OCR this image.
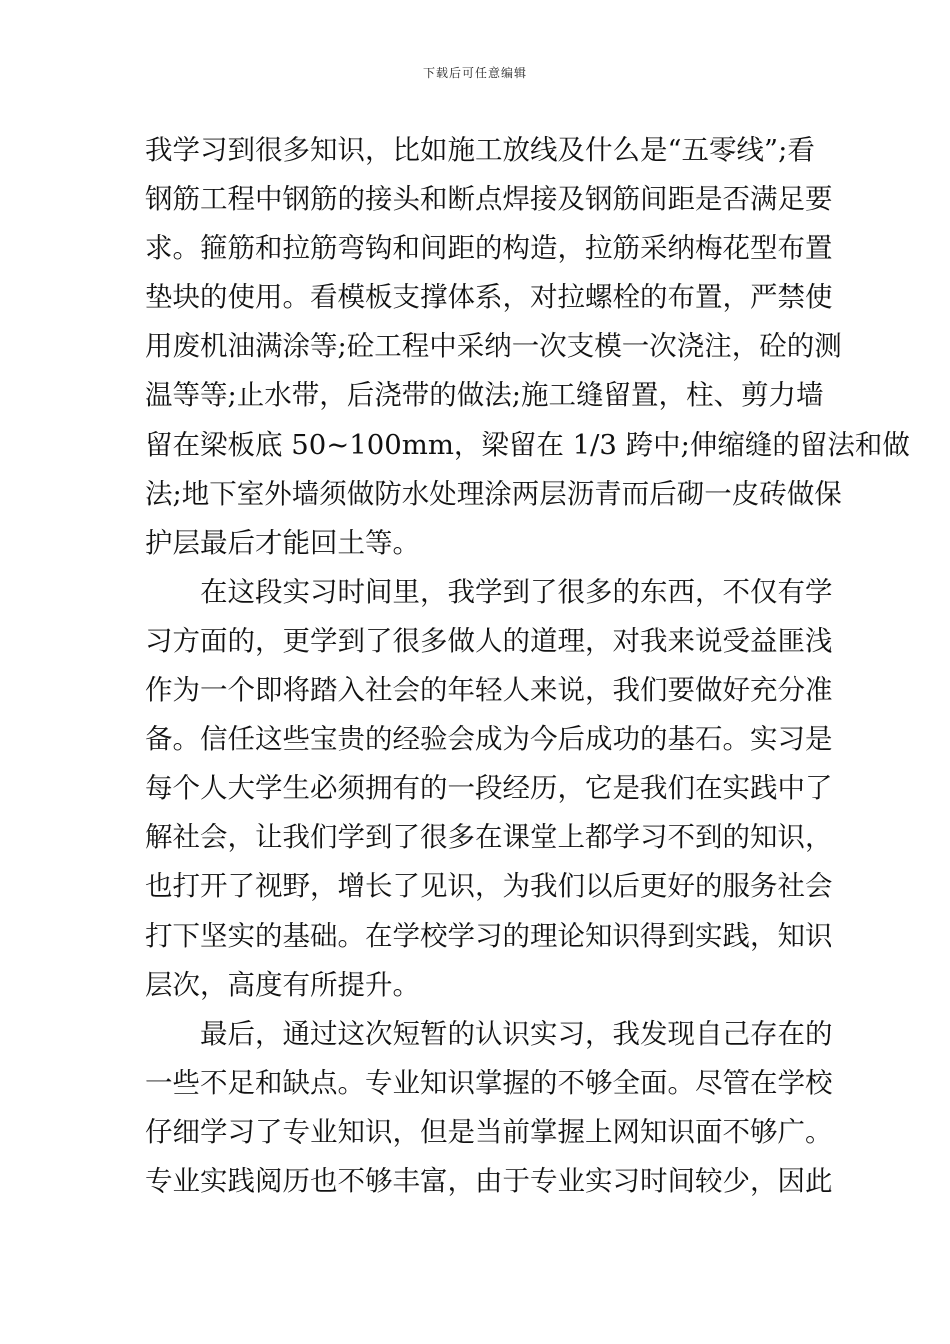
下载后可任意编辑
我学习到很多知识，比如施工放线及什么是“五零线”;看
钢筋工程中钢筋的接头和断点焊接及钢筋间距是否满足要
求。箍筋和拉筋弯钩和间距的构造，拉筋采纳梅花型布置
垫块的使用。看模板支撑体系，对拉螺栓的布置，严禁使
用废机油满涂等;砼工程中采纳一次支模一次浇注，砼的测
温等等;止水带，后浇带的做法;施工缝留置，柱、剪力墙
留在梁板底 50~100mm，梁留在 1/3 跨中;伸缩缝的留法和做
法;地下室外墙须做防水处理涂两层沥青而后砌一皮砖做保
护层最后才能回土等。
在这段实习时间里，我学到了很多的东西，不仅有学
习方面的，更学到了很多做人的道理，对我来说受益匪浅
作为一个即将踏入社会的年轻人来说，我们要做好充分准
备。信任这些宝贵的经验会成为今后成功的基石。实习是
每个人大学生必须拥有的一段经历，它是我们在实践中了
解社会，让我们学到了很多在课堂上都学习不到的知识，
也打开了视野，增长了见识，为我们以后更好的服务社会
打下坚实的基础。在学校学习的理论知识得到实践，知识
层次，高度有所提升。
最后，通过这次短暂的认识实习，我发现自己存在的
一些不足和缺点。专业知识掌握的不够全面。尽管在学校
仔细学习了专业知识，但是当前掌握上网知识面不够广。
专业实践阅历也不够丰富，由于专业实习时间较少，因此
